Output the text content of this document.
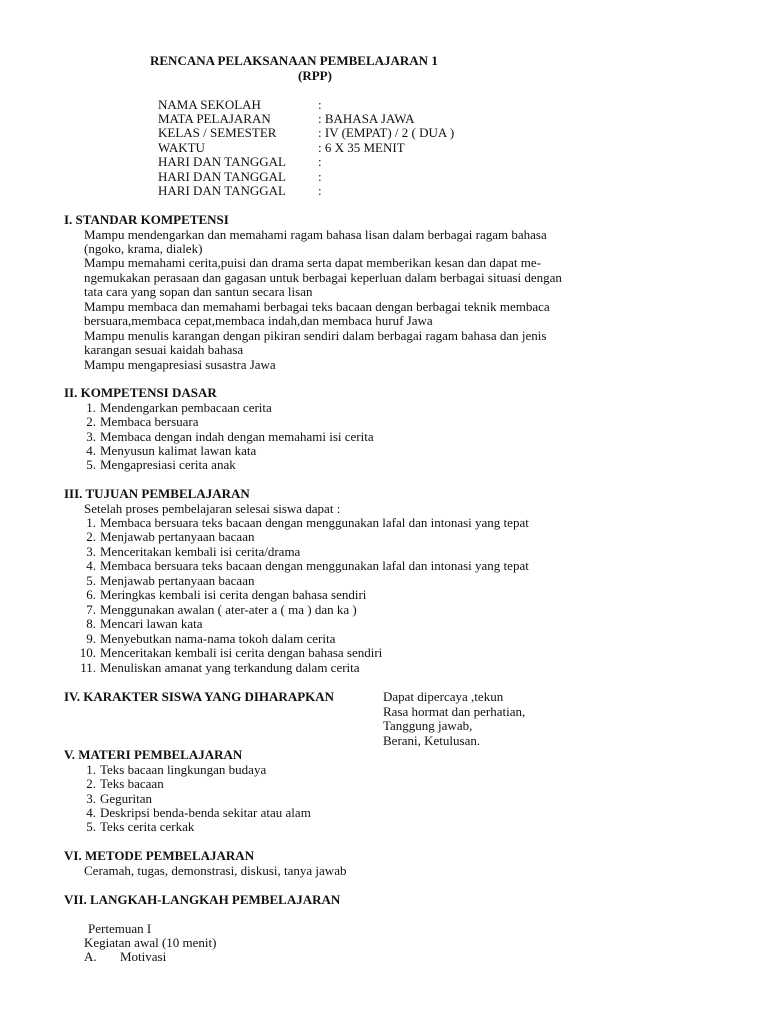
RENCANA PELAKSANAAN PEMBELAJARAN 1
(RPP)
NAMA SEKOLAH	:
MATA PELAJARAN	: BAHASA JAWA
KELAS / SEMESTER	: IV (EMPAT) / 2 ( DUA )
WAKTU	: 6 X 35 MENIT
HARI DAN TANGGAL :
HARI DAN TANGGAL :
HARI DAN TANGGAL :
I. STANDAR KOMPETENSI
Mampu mendengarkan dan memahami ragam bahasa lisan dalam berbagai ragam bahasa
(ngoko, krama, dialek)
Mampu memahami cerita,puisi dan drama serta dapat memberikan kesan dan dapat me-
ngemukakan perasaan dan gagasan untuk berbagai keperluan dalam berbagai situasi dengan
tata cara yang sopan dan santun secara lisan
Mampu membaca dan memahami berbagai teks bacaan dengan berbagai teknik membaca
bersuara,membaca cepat,membaca indah,dan membaca huruf Jawa
Mampu menulis karangan dengan pikiran sendiri dalam berbagai ragam bahasa dan jenis
karangan sesuai kaidah bahasa
Mampu mengapresiasi susastra Jawa
II. KOMPETENSI DASAR
1. Mendengarkan pembacaan cerita
2. Membaca bersuara
3. Membaca dengan indah dengan memahami isi cerita
4. Menyusun kalimat lawan kata
5. Mengapresiasi cerita anak
III. TUJUAN PEMBELAJARAN
Setelah proses pembelajaran selesai siswa dapat :
1. Membaca bersuara teks bacaan dengan menggunakan lafal dan intonasi yang tepat
2. Menjawab pertanyaan bacaan
3. Menceritakan kembali isi cerita/drama
4. Membaca bersuara teks bacaan dengan menggunakan lafal dan intonasi yang tepat
5. Menjawab pertanyaan bacaan
6. Meringkas kembali isi cerita dengan bahasa sendiri
7. Menggunakan awalan ( ater-ater a ( ma ) dan ka )
8. Mencari lawan kata
9. Menyebutkan nama-nama tokoh dalam cerita
10. Menceritakan kembali isi cerita dengan bahasa sendiri
11. Menuliskan amanat yang terkandung dalam cerita
IV. KARAKTER SISWA YANG DIHARAPKAN	Dapat dipercaya ,tekun
Rasa hormat dan perhatian,
Tanggung jawab,
Berani, Ketulusan.
V. MATERI PEMBELAJARAN
1. Teks bacaan lingkungan budaya
2. Teks bacaan
3. Geguritan
4. Deskripsi benda-benda sekitar atau alam
5. Teks cerita cerkak
VI. METODE PEMBELAJARAN
Ceramah, tugas, demonstrasi, diskusi, tanya jawab
VII. LANGKAH-LANGKAH PEMBELAJARAN
Pertemuan I
Kegiatan awal (10 menit)
A. Motivasi
